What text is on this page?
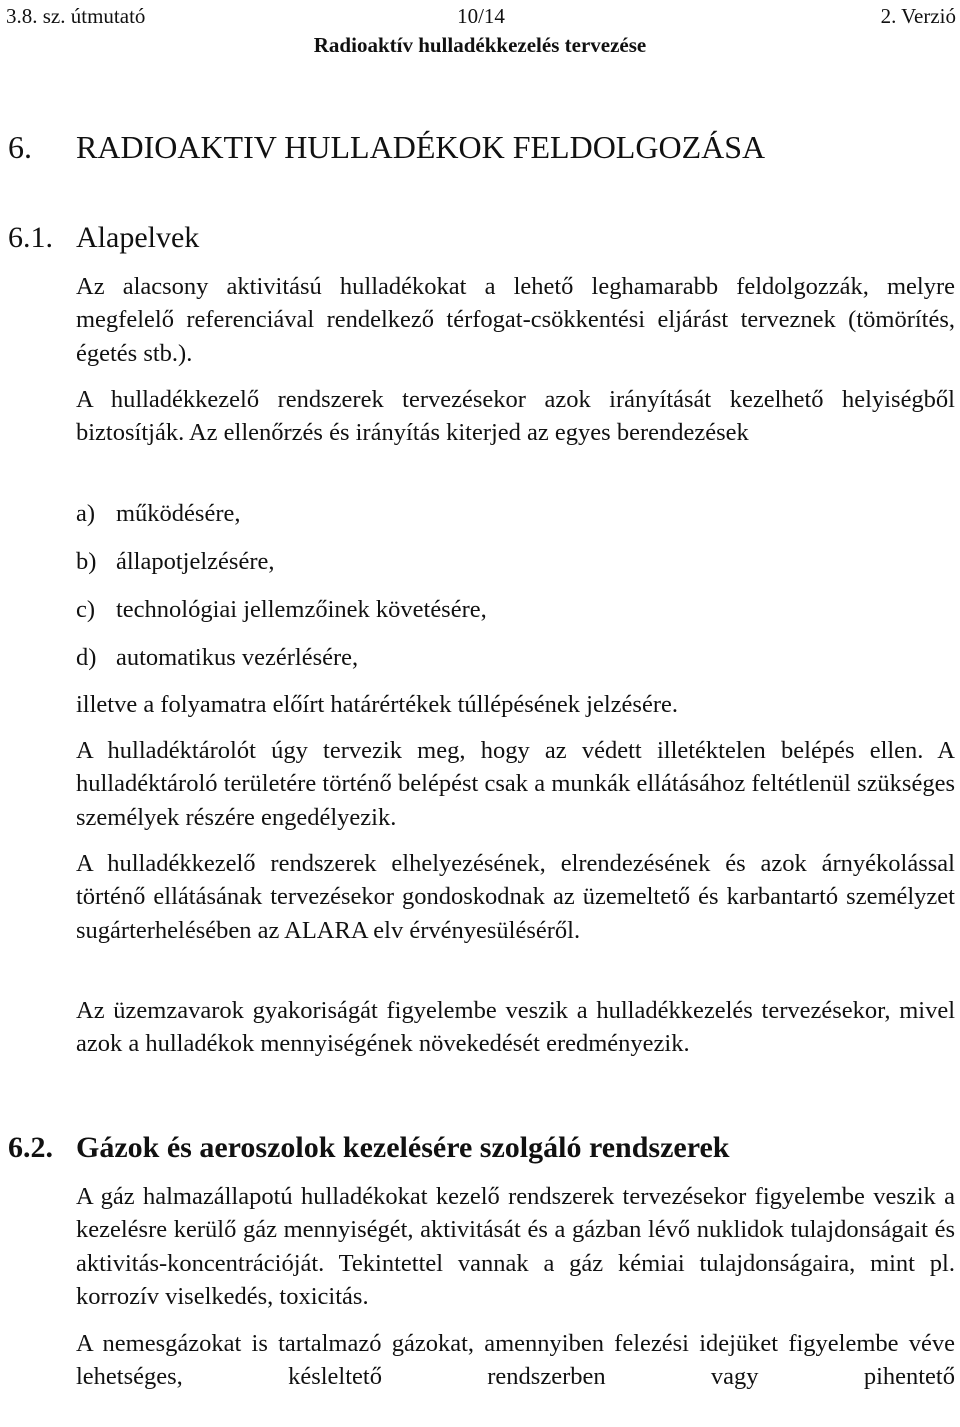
3.8. sz. útmutató	10/14	2. Verzió
Radioaktív hulladékkezelés tervezése
6. RADIOAKTIV HULLADÉKOK FELDOLGOZÁSA
6.1. Alapelvek

Az alacsony aktivitású hulladékokat a lehető leghamarabb feldolgozzák, melyre megfelelő referenciával rendelkező térfogat-csökkentési eljárást terveznek (tömörítés, égetés stb.).

A hulladékkezelő rendszerek tervezésekor azok irányítását kezelhető helyiségből biztosítják. Az ellenőrzés és irányítás kiterjed az egyes berendezések

a) működésére,
b) állapotjelzésére,
c) technológiai jellemzőinek követésére,
d) automatikus vezérlésére,

illetve a folyamatra előírt határértékek túllépésének jelzésére.

A hulladéktárolót úgy tervezik meg, hogy az védett illetéktelen belépés ellen. A hulladéktároló területére történő belépést csak a munkák ellátásához feltétlenül szükséges személyek részére engedélyezik.

A hulladékkezelő rendszerek elhelyezésének, elrendezésének és azok árnyékolással történő ellátásának tervezésekor gondoskodnak az üzemeltető és karbantartó személyzet sugárterhelésében az ALARA elv érvényesüléséről.

Az üzemzavarok gyakoriságát figyelembe veszik a hulladékkezelés tervezésekor, mivel azok a hulladékok mennyiségének növekedését eredményezik.

6.2. Gázok és aeroszolok kezelésére szolgáló rendszerek

A gáz halmazállapotú hulladékokat kezelő rendszerek tervezésekor figyelembe veszik a kezelésre kerülő gáz mennyiségét, aktivitását és a gázban lévő nuklidok tulajdonságait és aktivitás-koncentrációját. Tekintettel vannak a gáz kémiai tulajdonságaira, mint pl. korrozív viselkedés, toxicitás.

A nemesgázokat is tartalmazó gázokat, amennyiben felezési idejüket figyelembe véve lehetséges, késleltető rendszerben vagy pihentető
